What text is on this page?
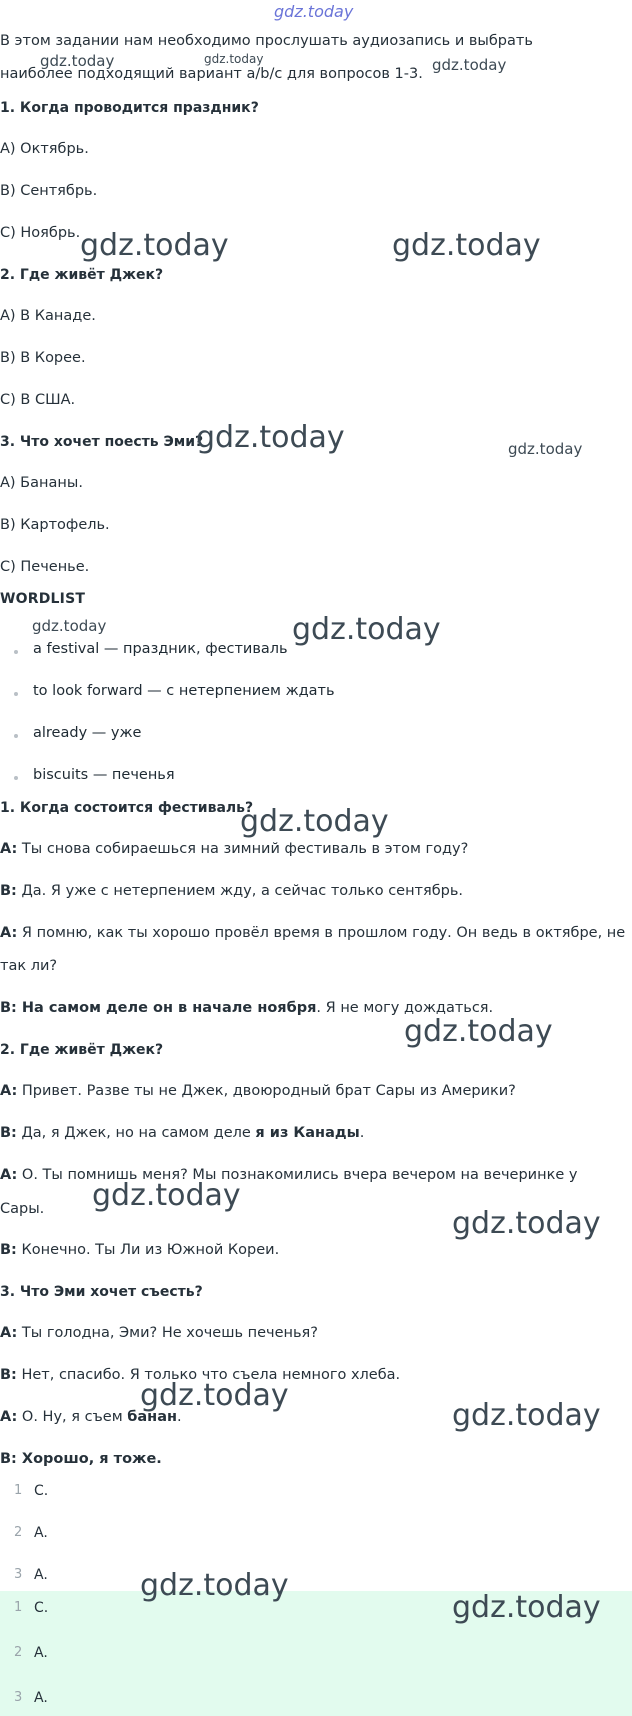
gdz.today
В этом задании нам необходимо прослушать аудиозапись и выбрать
наиболее подходящий вариант a/b/c для вопросов 1-3.
1. Когда проводится праздник?
A) Октябрь.
B) Сентябрь.
C) Ноябрь.
2. Где живёт Джек?
A) В Канаде.
B) В Корее.
C) В США.
3. Что хочет поесть Эми?
A) Бананы.
B) Картофель.
C) Печенье.
WORDLIST
a festival — праздник, фестиваль
to look forward — с нетерпением ждать
already — уже
biscuits — печенья
1. Когда состоится фестиваль?
A: Ты снова собираешься на зимний фестиваль в этом году?
B: Да. Я уже с нетерпением жду, а сейчас только сентябрь.
A: Я помню, как ты хорошо провёл время в прошлом году. Он ведь в октябре, не
так ли?
B: На самом деле он в начале ноября. Я не могу дождаться.
2. Где живёт Джек?
A: Привет. Разве ты не Джек, двоюродный брат Сары из Америки?
B: Да, я Джек, но на самом деле я из Канады.
A: О. Ты помнишь меня? Мы познакомились вчера вечером на вечеринке у
Сары.
B: Конечно. Ты Ли из Южной Кореи.
3. Что Эми хочет съесть?
A: Ты голодна, Эми? Не хочешь печенья?
B: Нет, спасибо. Я только что съела немного хлеба.
A: О. Ну, я съем банан.
B: Хорошо, я тоже.
1 C.
2 A.
3 A.
1 C.
2 A.
3 A.
gdz.today	gdz.today	gdz.today
gdz.today	gdz.today
gdz.today	gdz.today
gdz.today	gdz.today
gdz.today
gdz.today
gdz.today
gdz.today
gdz.today
gdz.today
gdz.today
gdz.today
